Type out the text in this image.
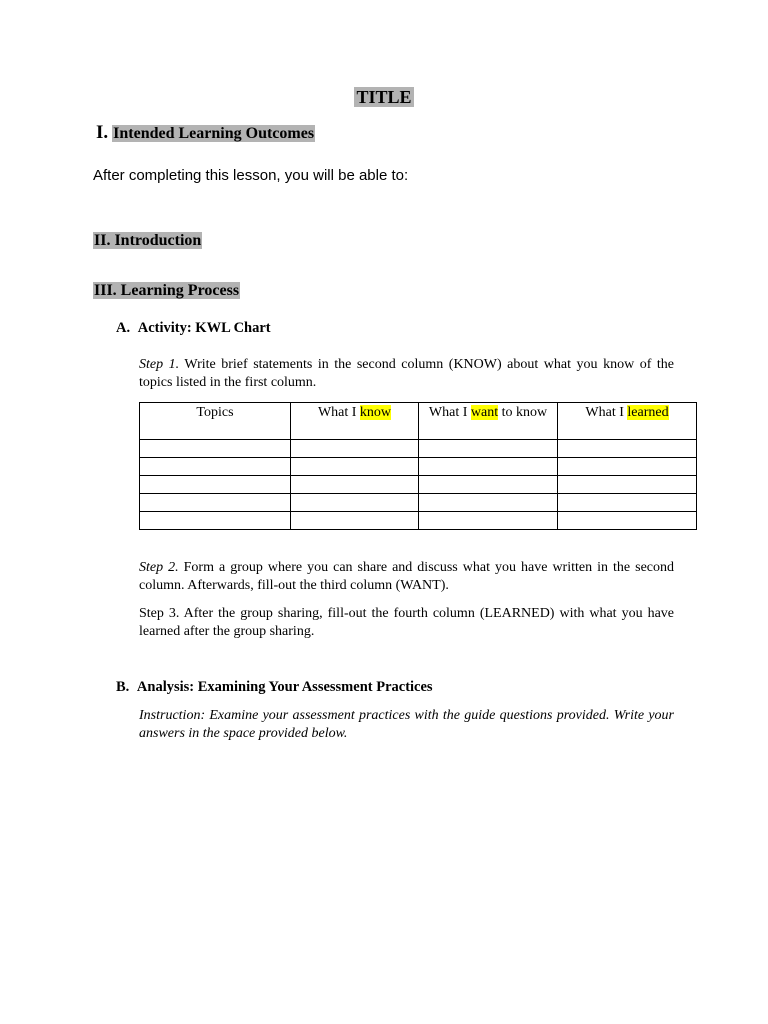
TITLE
I. Intended Learning Outcomes
After completing this lesson, you will be able to:
II. Introduction
III. Learning Process
A. Activity: KWL Chart
Step 1. Write brief statements in the second column (KNOW) about what you know of the topics listed in the first column.
Topics	What I know	What I want to know	What I learned

Step 2. Form a group where you can share and discuss what you have written in the second column. Afterwards, fill-out the third column (WANT).
Step 3. After the group sharing, fill-out the fourth column (LEARNED) with what you have learned after the group sharing.
B. Analysis: Examining Your Assessment Practices
Instruction: Examine your assessment practices with the guide questions provided. Write your answers in the space provided below.
